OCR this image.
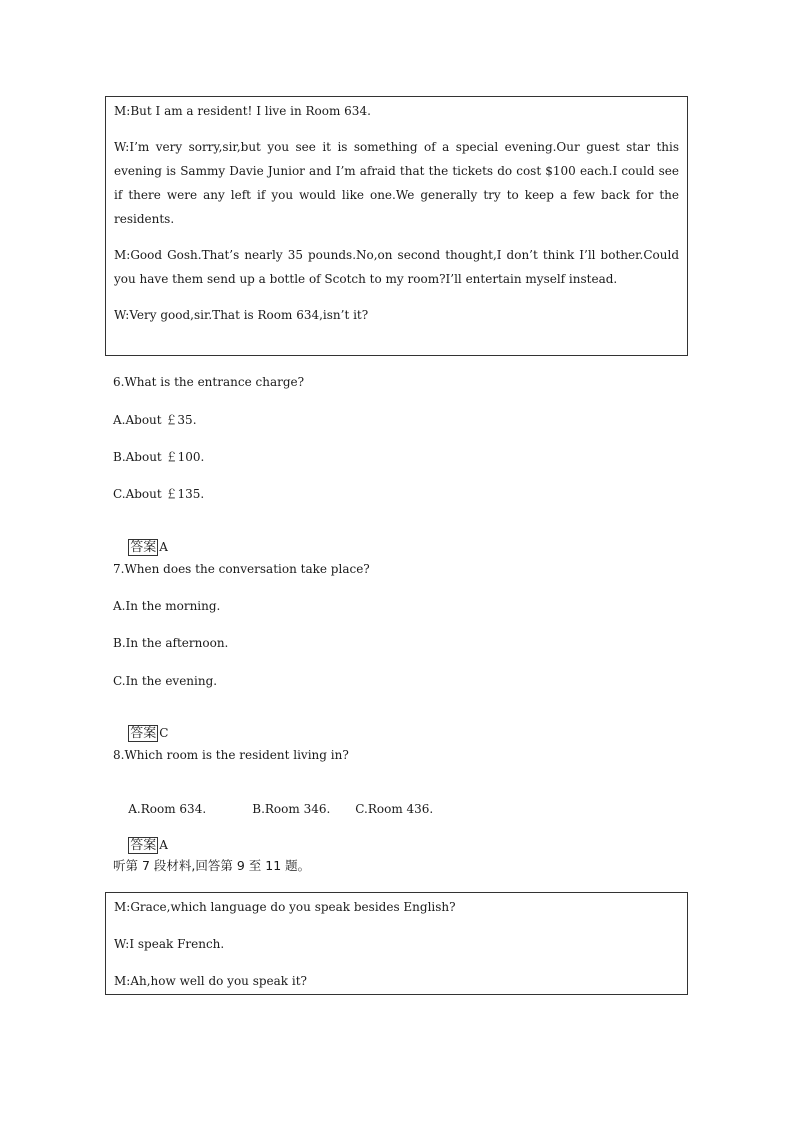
M:But I am a resident! I live in Room 634.

W:I’m very sorry,sir,but you see it is something of a special evening.Our guest star this evening is Sammy Davie Junior and I’m afraid that the tickets do cost $100 each.I could see if there were any left if you would like one.We generally try to keep a few back for the residents.

M:Good Gosh.That’s nearly 35 pounds.No,on second thought,I don’t think I’ll bother.Could you have them send up a bottle of Scotch to my room?I’ll entertain myself instead.

W:Very good,sir.That is Room 634,isn’t it?

6.What is the entrance charge?
A.About ￡35.
B.About ￡100.
C.About ￡135.

答案 A

7.When does the conversation take place?
A.In the morning.
B.In the afternoon.
C.In the evening.

答案 C

8.Which room is the resident living in?

A.Room 634.	B.Room 346. C.Room 436.

答案 A

听第 7 段材料,回答第 9 至 11 题。

M:Grace,which language do you speak besides English?

W:I speak French.

M:Ah,how well do you speak it?
